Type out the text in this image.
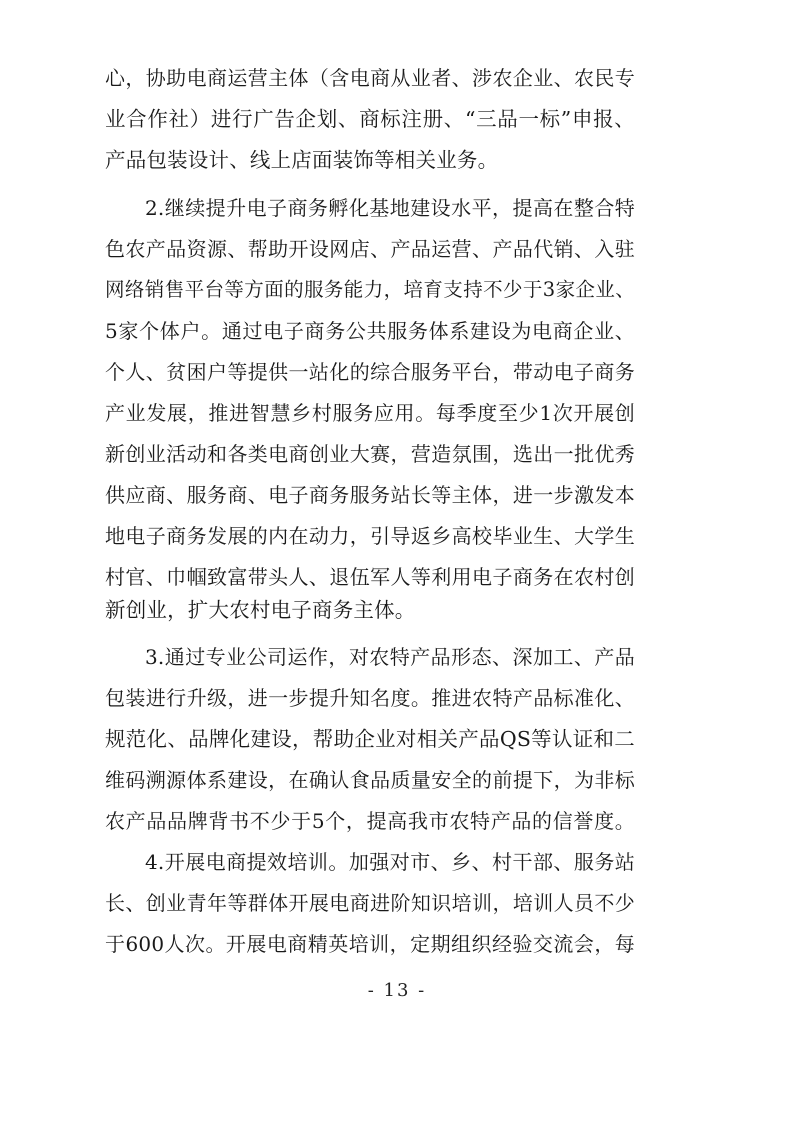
心，协助电商运营主体（含电商从业者、涉农企业、农民专
业合作社）进行广告企划、商标注册、“三品一标”申报、
产品包装设计、线上店面装饰等相关业务。
2.继续提升电子商务孵化基地建设水平，提高在整合特
色农产品资源、帮助开设网店、产品运营、产品代销、入驻
网络销售平台等方面的服务能力，培育支持不少于3家企业、
5家个体户。通过电子商务公共服务体系建设为电商企业、
个人、贫困户等提供一站化的综合服务平台，带动电子商务
产业发展，推进智慧乡村服务应用。每季度至少1次开展创
新创业活动和各类电商创业大赛，营造氛围，选出一批优秀
供应商、服务商、电子商务服务站长等主体，进一步激发本
地电子商务发展的内在动力，引导返乡高校毕业生、大学生
村官、巾帼致富带头人、退伍军人等利用电子商务在农村创
新创业，扩大农村电子商务主体。
3.通过专业公司运作，对农特产品形态、深加工、产品
包装进行升级，进一步提升知名度。推进农特产品标准化、
规范化、品牌化建设，帮助企业对相关产品QS等认证和二
维码溯源体系建设，在确认食品质量安全的前提下，为非标
农产品品牌背书不少于5个，提高我市农特产品的信誉度。
4.开展电商提效培训。加强对市、乡、村干部、服务站
长、创业青年等群体开展电商进阶知识培训，培训人员不少
于600人次。开展电商精英培训，定期组织经验交流会，每
- 13 -
